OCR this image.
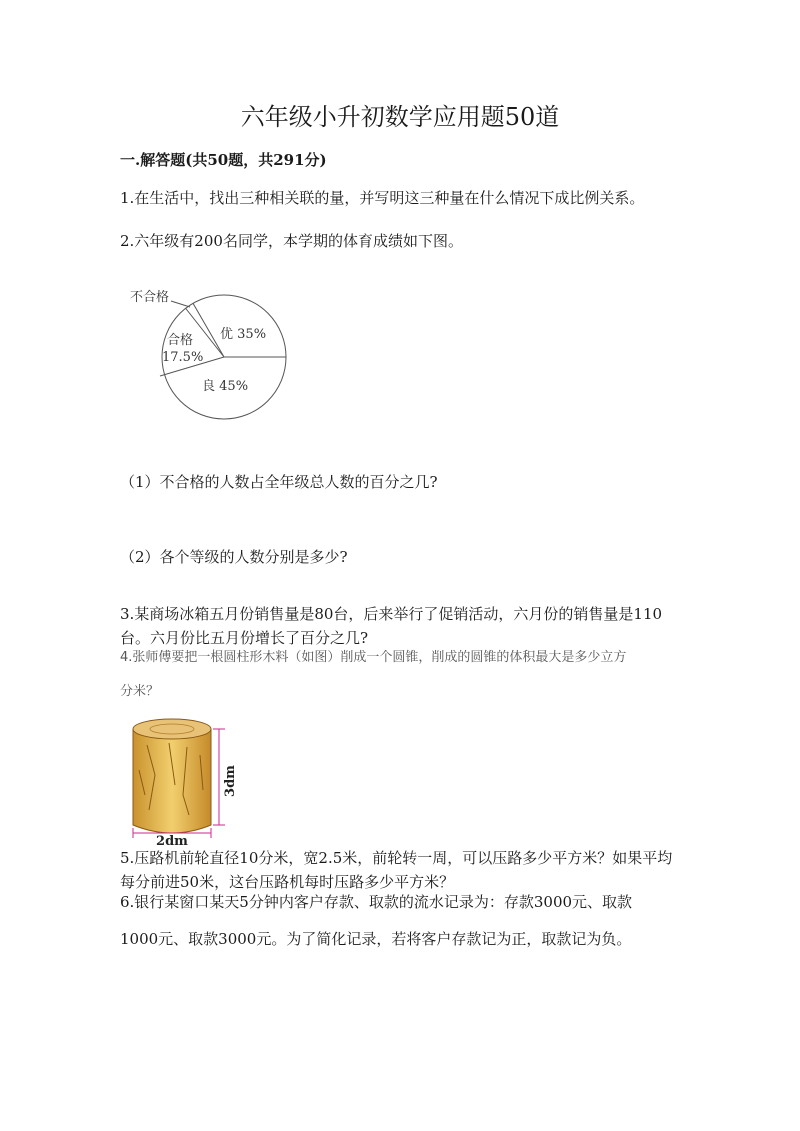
六年级小升初数学应用题50道
一.解答题(共50题，共291分)
1.在生活中，找出三种相关联的量，并写明这三种量在什么情况下成比例关系。
2.六年级有200名同学，本学期的体育成绩如下图。
优 35%
良 45%
合格
17.5%
不合格
（1）不合格的人数占全年级总人数的百分之几?
（2）各个等级的人数分别是多少?
3.某商场冰箱五月份销售量是80台，后来举行了促销活动，六月份的销售量是110台。六月份比五月份增长了百分之几?
4.张师傅要把一根圆柱形木料（如图）削成一个圆锥，削成的圆锥的体积最大是多少立方
分米？
3dm
2dm
5.压路机前轮直径10分米，宽2.5米，前轮转一周，可以压路多少平方米？如果平均每分前进50米，这台压路机每时压路多少平方米？
6.银行某窗口某天5分钟内客户存款、取款的流水记录为：存款3000元、取款
1000元、取款3000元。为了简化记录，若将客户存款记为正，取款记为负。
